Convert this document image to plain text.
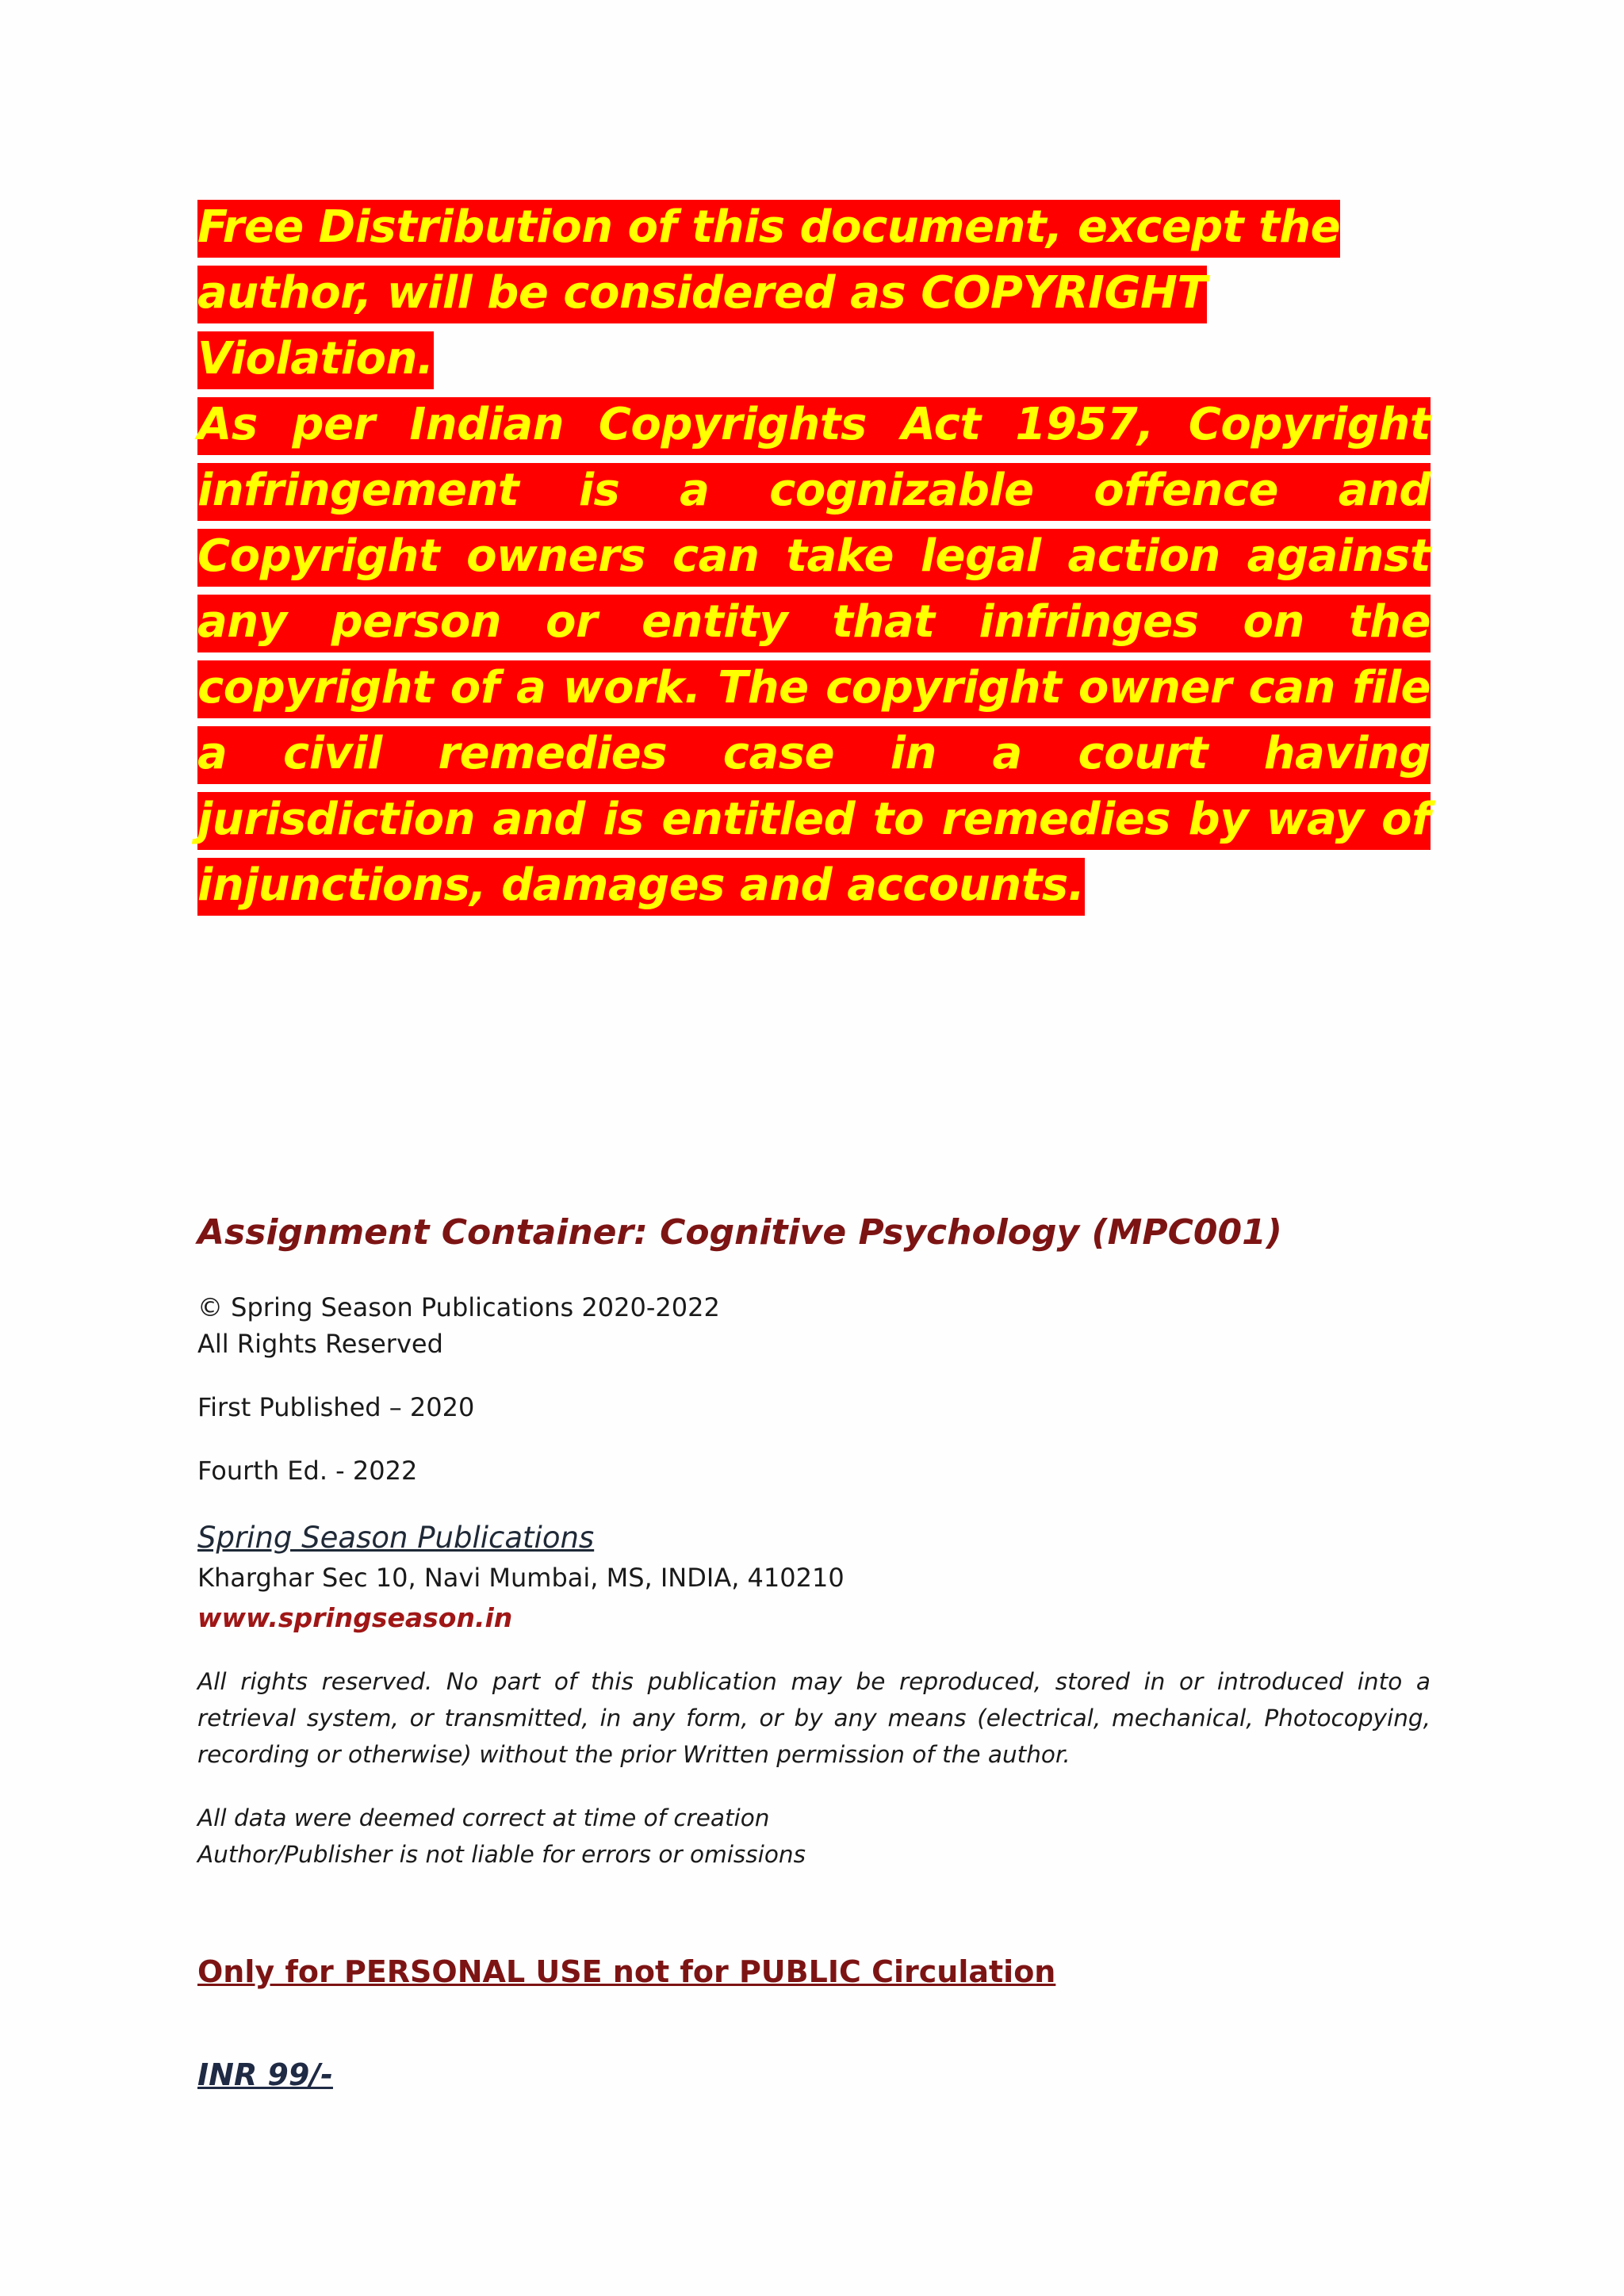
Free Distribution of this document, except the author, will be considered as COPYRIGHT Violation.
As per Indian Copyrights Act 1957, Copyright infringement is a cognizable offence and Copyright owners can take legal action against any person or entity that infringes on the copyright of a work. The copyright owner can file a civil remedies case in a court having jurisdiction and is entitled to remedies by way of injunctions, damages and accounts.
Assignment Container: Cognitive Psychology (MPC001)
© Spring Season Publications 2020-2022
All Rights Reserved
First Published – 2020
Fourth Ed. - 2022
Spring Season Publications
Kharghar Sec 10, Navi Mumbai, MS, INDIA, 410210
www.springseason.in
All rights reserved. No part of this publication may be reproduced, stored in or introduced into a retrieval system, or transmitted, in any form, or by any means (electrical, mechanical, Photocopying, recording or otherwise) without the prior Written permission of the author.
All data were deemed correct at time of creation
Author/Publisher is not liable for errors or omissions
Only for PERSONAL USE not for PUBLIC Circulation
INR 99/-
